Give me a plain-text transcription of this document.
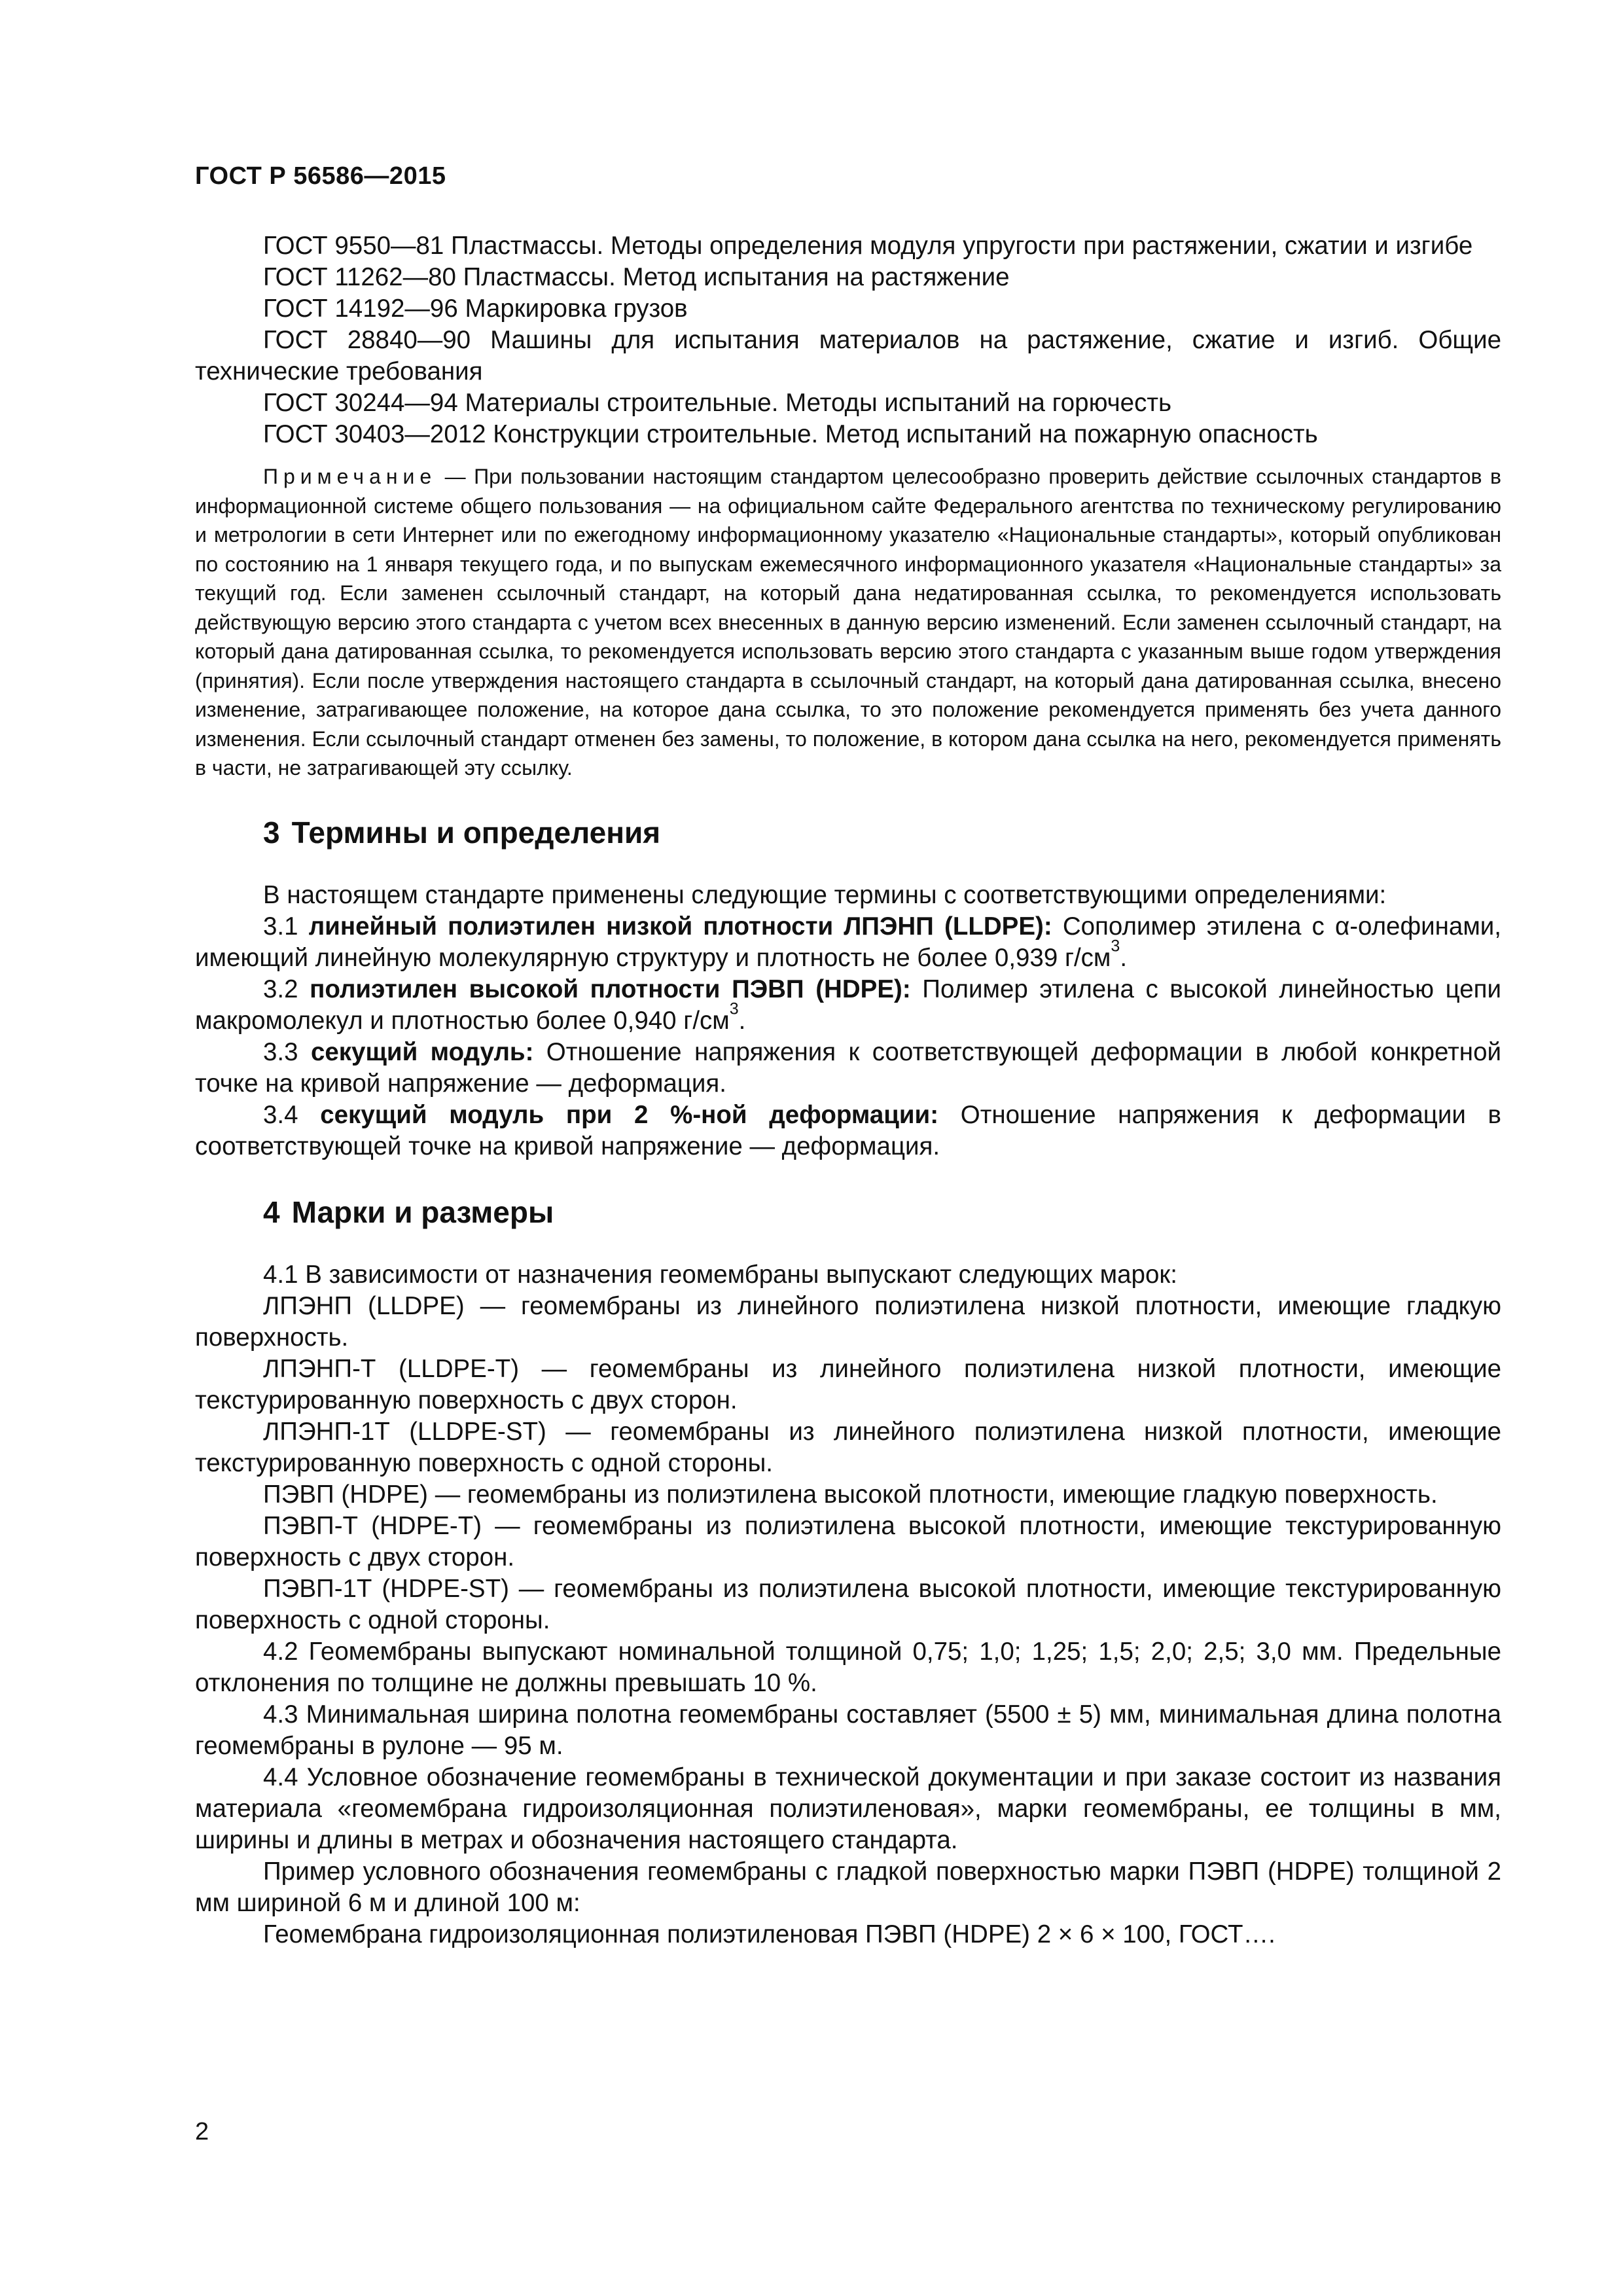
ГОСТ Р 56586—2015

ГОСТ 9550—81 Пластмассы. Методы определения модуля упругости при растяжении, сжатии и изгибе

ГОСТ 11262—80 Пластмассы. Метод испытания на растяжение

ГОСТ 14192—96 Маркировка грузов

ГОСТ 28840—90 Машины для испытания материалов на растяжение, сжатие и изгиб. Общие технические требования

ГОСТ 30244—94 Материалы строительные. Методы испытаний на горючесть

ГОСТ 30403—2012 Конструкции строительные. Метод испытаний на пожарную опасность

Примечание — При пользовании настоящим стандартом целесообразно проверить действие ссылочных стандартов в информационной системе общего пользования — на официальном сайте Федерального агентства по техническому регулированию и метрологии в сети Интернет или по ежегодному информационному указателю «Национальные стандарты», который опубликован по состоянию на 1 января текущего года, и по выпускам ежемесячного информационного указателя «Национальные стандарты» за текущий год. Если заменен ссылочный стандарт, на который дана недатированная ссылка, то рекомендуется использовать действующую версию этого стандарта с учетом всех внесенных в данную версию изменений. Если заменен ссылочный стандарт, на который дана датированная ссылка, то рекомендуется использовать версию этого стандарта с указанным выше годом утверждения (принятия). Если после утверждения настоящего стандарта в ссылочный стандарт, на который дана датированная ссылка, внесено изменение, затрагивающее положение, на которое дана ссылка, то это положение рекомендуется применять без учета данного изменения. Если ссылочный стандарт отменен без замены, то положение, в котором дана ссылка на него, рекомендуется применять в части, не затрагивающей эту ссылку.

3 Термины и определения

В настоящем стандарте применены следующие термины с соответствующими определениями:

3.1 линейный полиэтилен низкой плотности ЛПЭНП (LLDPE): Сополимер этилена с α-олефинами, имеющий линейную молекулярную структуру и плотность не более 0,939 $г/см^3$.

3.2 полиэтилен высокой плотности ПЭВП (HDPE): Полимер этилена с высокой линейностью цепи макромолекул и плотностью более 0,940 $г/см^3$.

3.3 секущий модуль: Отношение напряжения к соответствующей деформации в любой конкретной точке на кривой напряжение — деформация.

3.4 секущий модуль при 2 %-ной деформации: Отношение напряжения к деформации в соответствующей точке на кривой напряжение — деформация.

4 Марки и размеры

4.1 В зависимости от назначения геомембраны выпускают следующих марок:

ЛПЭНП (LLDPE) — геомембраны из линейного полиэтилена низкой плотности, имеющие гладкую поверхность.

ЛПЭНП-Т (LLDPE-T) — геомембраны из линейного полиэтилена низкой плотности, имеющие текстурированную поверхность с двух сторон.

ЛПЭНП-1Т (LLDPE-ST) — геомембраны из линейного полиэтилена низкой плотности, имеющие текстурированную поверхность с одной стороны.

ПЭВП (HDPE) — геомембраны из полиэтилена высокой плотности, имеющие гладкую поверхность.

ПЭВП-Т (HDPE-T) — геомембраны из полиэтилена высокой плотности, имеющие текстурированную поверхность с двух сторон.

ПЭВП-1Т (HDPE-ST) — геомембраны из полиэтилена высокой плотности, имеющие текстурированную поверхность с одной стороны.

4.2 Геомембраны выпускают номинальной толщиной 0,75; 1,0; 1,25; 1,5; 2,0; 2,5; 3,0 мм. Предельные отклонения по толщине не должны превышать 10 %.

4.3 Минимальная ширина полотна геомембраны составляет (5500 ± 5) мм, минимальная длина полотна геомембраны в рулоне — 95 м.

4.4 Условное обозначение геомембраны в технической документации и при заказе состоит из названия материала «геомембрана гидроизоляционная полиэтиленовая», марки геомембраны, ее толщины в мм, ширины и длины в метрах и обозначения настоящего стандарта.

Пример условного обозначения геомембраны с гладкой поверхностью марки ПЭВП (HDPE) толщиной 2 мм шириной 6 м и длиной 100 м:

Геомембрана гидроизоляционная полиэтиленовая ПЭВП (HDPE) 2 × 6 × 100, ГОСТ….

2
